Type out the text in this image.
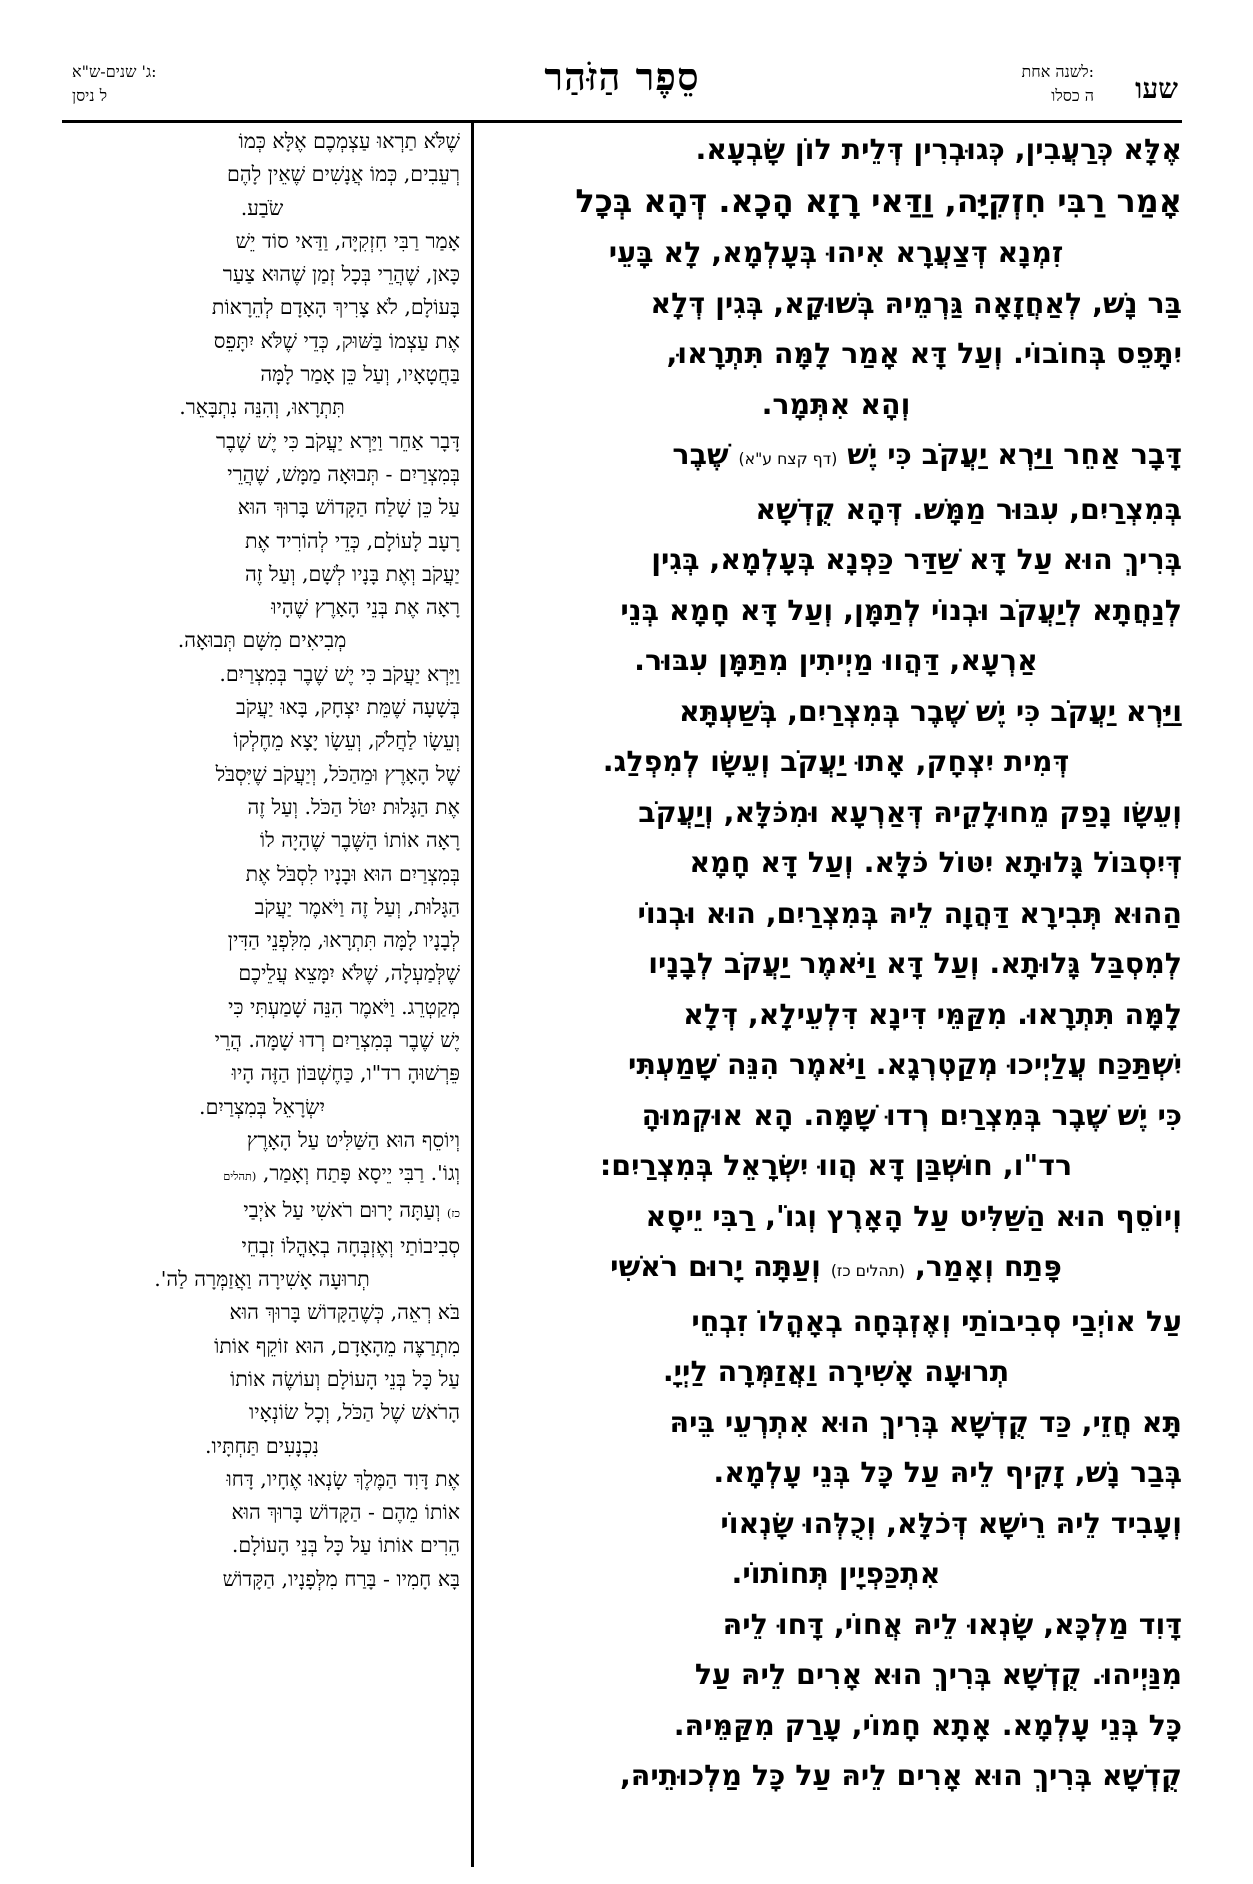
שעו
לשנה אחת:
ה כסלו
סֵפֶר הַזֹּהַר
ג' שנים-ש"א:
ל ניסן

אֶלָּא כְּרַעֲבִין, כְּגוּבְרִין דְּלֵית לוֹן שָׂבְעָא.

אָמַר רַבִּי חִזְקִיָּה, וַדַּאי רָזָא הָכָא. דְּהָא בְּכָל

זִמְנָא דְּצַעֲרָא אִיהוּ בְּעָלְמָא, לָא בָּעֵי

בַּר נָשׁ, לְאַחֲזָאָה גַּרְמֵיהּ בְּשׁוּקָא, בְּגִין דְּלָא

יִתָּפֵס בְּחוֹבוֹי. וְעַל דָּא אָמַר לָמָּה תִּתְרָאוּ,

וְהָא אִתְּמָר.

דָּבָר אַחֵר וַיַּרְא יַעֲקֹב כִּי יֶשׁ (דף קצח ע"א) שֶׁבֶר

בְּמִצְרַיִם, עִבּוּר מַמָּשׁ. דְּהָא קֻדְשָׁא

בְּרִיךְ הוּא עַל דָּא שַׁדַּר כַּפְנָא בְּעָלְמָא, בְּגִין

לְנַחֲתָא לְיַעֲקֹב וּבְנוֹי לְתַמָּן, וְעַל דָּא חָמָא בְּנֵי

אַרְעָא, דַּהֲווּ מַיְיתִין מִתַּמָּן עִבּוּר.

וַיַּרְא יַעֲקֹב כִּי יֶשׁ שֶׁבֶר בְּמִצְרַיִם, בְּשַׁעְתָּא

דְּמִית יִצְחָק, אָתוּ יַעֲקֹב וְעֵשָׂו לְמִפְלַג.

וְעֵשָׂו נָפַק מֵחוּלָקֵיהּ דְּאַרְעָא וּמִכֹּלָּא, וְיַעֲקֹב

דְּיִסְבּוֹל גָּלוּתָא יִטּוֹל כֹּלָּא. וְעַל דָּא חָמָא

הַהוּא תְּבִירָא דַּהֲוָה לֵיהּ בְּמִצְרַיִם, הוּא וּבְנוֹי

לְמִסְבַּל גָּלוּתָא. וְעַל דָּא וַיֹּאמֶר יַעֲקֹב לְבָנָיו

לָמָּה תִּתְרָאוּ. מִקַּמֵּי דִּינָא דִּלְעֵילָא, דְּלָא

יִשְׁתַּכַּח עֲלַיְיכוּ מְקַטְרְגָא. וַיֹּאמֶר הִנֵּה שָׁמַעְתִּי

כִּי יֶשׁ שֶׁבֶר בְּמִצְרַיִם רְדוּ שָׁמָּה. הָא אוּקְמוּהָ

רד"ו, חוּשְׁבַּן דָּא הֲווּ יִשְׂרָאֵל בְּמִצְרַיִם:

וְיוֹסֵף הוּא הַשַּׁלִּיט עַל הָאָרֶץ וְגוֹ', רַבִּי יֵיסָא

פָּתַח וְאָמַר, (תהלים כז) וְעַתָּה יָרוּם רֹאשִׁי

עַל אוֹיְבַי סְבִיבוֹתַי וְאֶזְבְּחָה בְאָהֳלוֹ זִבְחֵי

תְרוּעָה אָשִׁירָה וַאֲזַמְּרָה לַיְיָ.

תָּא חֲזֵי, כַּד קֻדְשָׁא בְּרִיךְ הוּא אִתְרְעֵי בֵּיהּ

בְּבַר נָשׁ, זָקִיף לֵיהּ עַל כָּל בְּנֵי עָלְמָא.

וְעָבִיד לֵיהּ רֵישָׁא דְּכֹלָּא, וְכֻלְּהוּ שָׂנְאוֹי

אִתְכַּפְיָין תְּחוֹתוֹי.

דָּוִד מַלְכָּא, שָׂנְאוּ לֵיהּ אֲחוֹי, דָּחוּ לֵיהּ

מִנַּיְיהוּ. קֻדְשָׁא בְּרִיךְ הוּא אָרִים לֵיהּ עַל

כָּל בְּנֵי עָלְמָא. אָתָא חָמוֹי, עָרַק מִקַּמֵּיהּ.

קֻדְשָׁא בְּרִיךְ הוּא אָרִים לֵיהּ עַל כָּל מַלְכוּתֵיהּ,

שֶׁלֹּא תַרְאוּ עַצְמְכֶם אֶלָּא כְּמוֹ

רְעֵבִים, כְּמוֹ אֲנָשִׁים שֶׁאֵין לָהֶם

שֹׂבַע.

אָמַר רַבִּי חִזְקִיָּה, וַדַּאי סוֹד יֵשׁ

כָּאן, שֶׁהֲרֵי בְּכָל זְמַן שֶׁהוּא צַעַר

בָּעוֹלָם, לֹא צָרִיךְ הָאָדָם לְהֵרָאוֹת

אֶת עַצְמוֹ בַּשּׁוּק, כְּדֵי שֶׁלֹּא יִתָּפֵס

בַּחֲטָאָיו, וְעַל כֵּן אָמַר לָמָּה

תִּתְרָאוּ, וְהִנֵּה נִתְבָּאֵר.

דָּבָר אַחֵר וַיַּרְא יַעֲקֹב כִּי יֶשׁ שֶׁבֶר

בְּמִצְרַיִם - תְּבוּאָה מַמָּשׁ, שֶׁהֲרֵי

עַל כֵּן שָׁלַח הַקָּדוֹשׁ בָּרוּךְ הוּא

רָעָב לָעוֹלָם, כְּדֵי לְהוֹרִיד אֶת

יַעֲקֹב וְאֶת בָּנָיו לְשָׁם, וְעַל זֶה

רָאָה אֶת בְּנֵי הָאָרֶץ שֶׁהָיוּ

מְבִיאִים מִשָּׁם תְּבוּאָה.

וַיַּרְא יַעֲקֹב כִּי יֶשׁ שֶׁבֶר בְּמִצְרַיִם.

בְּשָׁעָה שֶׁמֵּת יִצְחָק, בָּאוּ יַעֲקֹב

וְעֵשָׂו לַחֲלֹק, וְעֵשָׂו יָצָא מֵחֶלְקוֹ

שֶׁל הָאָרֶץ וּמֵהַכֹּל, וְיַעֲקֹב שֶׁיִּסְבֹּל

אֶת הַגָּלוּת יִטֹּל הַכֹּל. וְעַל זֶה

רָאָה אוֹתוֹ הַשֶּׁבֶר שֶׁהָיָה לוֹ

בְּמִצְרַיִם הוּא וּבָנָיו לִסְבֹּל אֶת

הַגָּלוּת, וְעַל זֶה וַיֹּאמֶר יַעֲקֹב

לְבָנָיו לָמָּה תִּתְרָאוּ, מִלִּפְנֵי הַדִּין

שֶׁלְּמַעְלָה, שֶׁלֹּא יִמָּצֵא עֲלֵיכֶם

מְקַטְרֵג. וַיֹּאמֶר הִנֵּה שָׁמַעְתִּי כִּי

יֶשׁ שֶׁבֶר בְּמִצְרַיִם רְדוּ שָׁמָּה. הֲרֵי

פֵּרְשׁוּהָ רד"ו, כַּחֶשְׁבּוֹן הַזֶּה הָיוּ

יִשְׂרָאֵל בְּמִצְרַיִם.

וְיוֹסֵף הוּא הַשַּׁלִּיט עַל הָאָרֶץ

וְגוֹ'. רַבִּי יֵיסָא פָּתַח וְאָמַר, (תהלים

כז) וְעַתָּה יָרוּם רֹאשִׁי עַל אֹיְבַי

סְבִיבוֹתַי וְאֶזְבְּחָה בְאָהֳלוֹ זִבְחֵי

תְרוּעָה אָשִׁירָה וַאֲזַמְּרָה לַה'.

בֹּא רְאֵה, כְּשֶׁהַקָּדוֹשׁ בָּרוּךְ הוּא

מִתְרַצֶּה מֵהָאָדָם, הוּא זוֹקֵף אוֹתוֹ

עַל כָּל בְּנֵי הָעוֹלָם וְעוֹשֶׂה אוֹתוֹ

הָרֹאשׁ שֶׁל הַכֹּל, וְכָל שׂוֹנְאָיו

נִכְנָעִים תַּחְתָּיו.

אֶת דָּוִד הַמֶּלֶךְ שָׂנְאוּ אֶחָיו, דָּחוּ

אוֹתוֹ מֵהֶם - הַקָּדוֹשׁ בָּרוּךְ הוּא

הֵרִים אוֹתוֹ עַל כָּל בְּנֵי הָעוֹלָם.

בָּא חָמִיו - בָּרַח מִלְּפָנָיו, הַקָּדוֹשׁ
